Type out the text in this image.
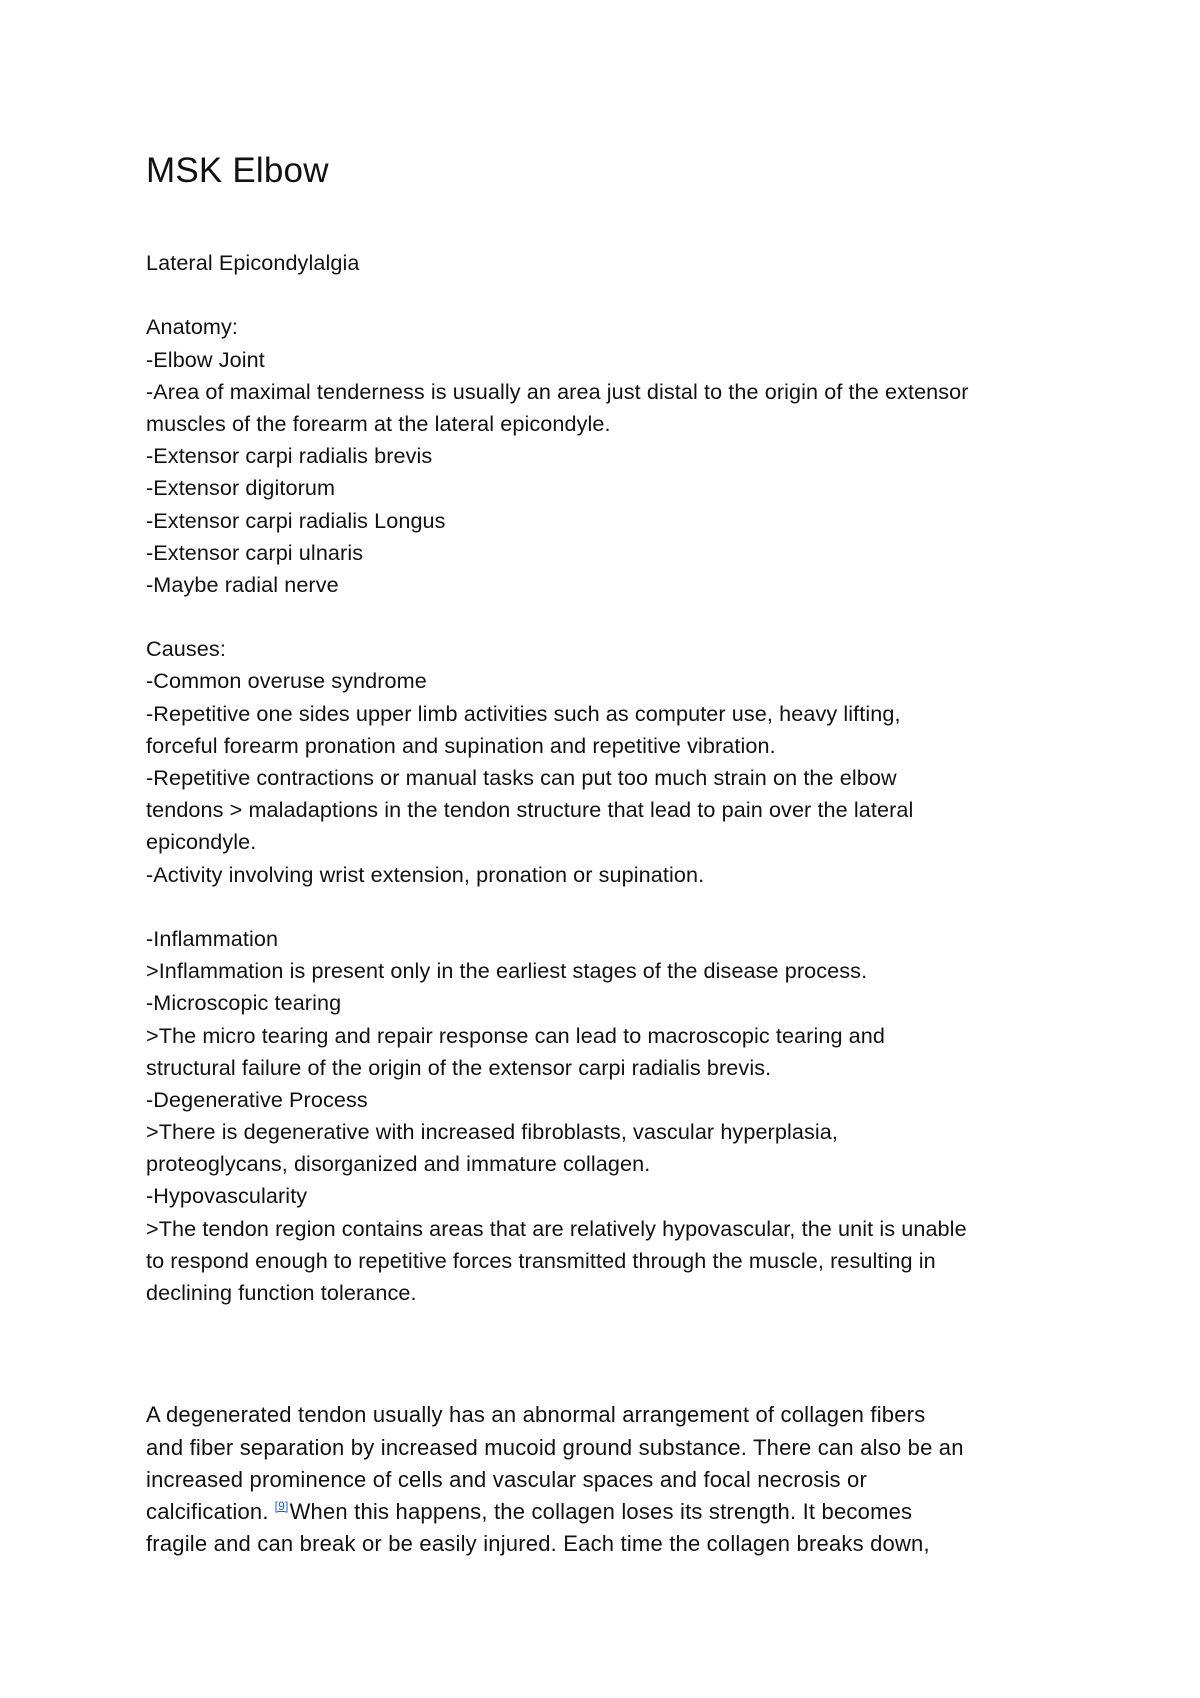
MSK Elbow
Lateral Epicondylalgia
Anatomy:
-Elbow Joint
-Area of maximal tenderness is usually an area just distal to the origin of the extensor
muscles of the forearm at the lateral epicondyle.
-Extensor carpi radialis brevis
-Extensor digitorum
-Extensor carpi radialis Longus
-Extensor carpi ulnaris
-Maybe radial nerve
Causes:
-Common overuse syndrome
-Repetitive one sides upper limb activities such as computer use, heavy lifting,
forceful forearm pronation and supination and repetitive vibration.
-Repetitive contractions or manual tasks can put too much strain on the elbow
tendons > maladaptions in the tendon structure that lead to pain over the lateral
epicondyle.
-Activity involving wrist extension, pronation or supination.
-Inflammation
>Inflammation is present only in the earliest stages of the disease process.
-Microscopic tearing
>The micro tearing and repair response can lead to macroscopic tearing and
structural failure of the origin of the extensor carpi radialis brevis.
-Degenerative Process
>There is degenerative with increased fibroblasts, vascular hyperplasia,
proteoglycans, disorganized and immature collagen.
-Hypovascularity
>The tendon region contains areas that are relatively hypovascular, the unit is unable
to respond enough to repetitive forces transmitted through the muscle, resulting in
declining function tolerance.
A degenerated tendon usually has an abnormal arrangement of collagen fibers
and fiber separation by increased mucoid ground substance. There can also be an
increased prominence of cells and vascular spaces and focal necrosis or
calcification. [9]When this happens, the collagen loses its strength. It becomes
fragile and can break or be easily injured. Each time the collagen breaks down,
